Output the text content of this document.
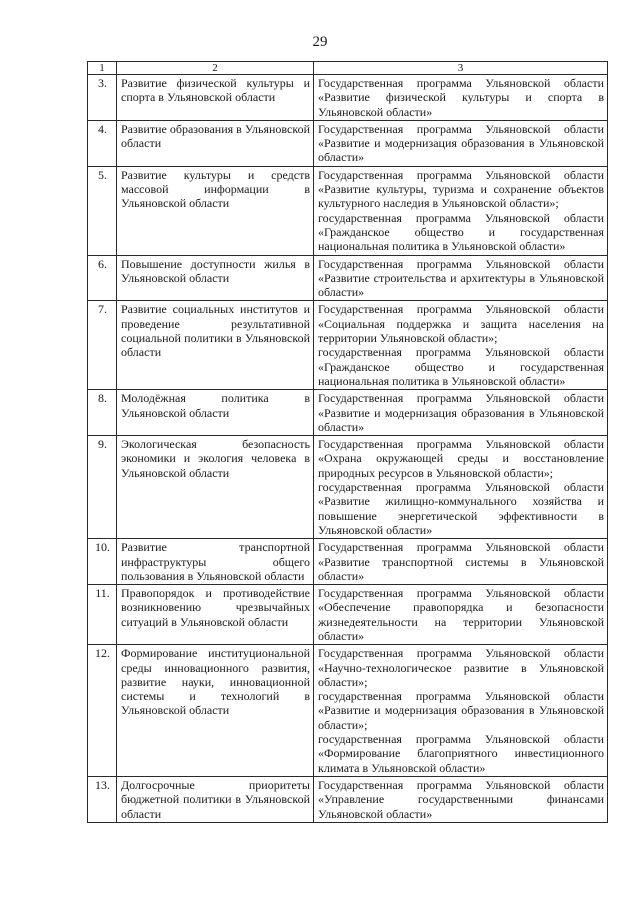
29
1	2	3
3.	Развитие физической культуры и спорта в Ульяновской области	Государственная программа Ульяновской области «Развитие физической культуры и спорта в Ульяновской области»

4.	Развитие образования в Ульяновской области	Государственная программа Ульяновской области «Развитие и модернизация образования в Ульяновской области»

5.	Развитие культуры и средств массовой информации в Ульяновской области	Государственная программа Ульяновской области «Развитие культуры, туризма и сохранение объектов культурного наследия в Ульяновской области»;
государственная программа Ульяновской области «Гражданское общество и государственная национальная политика в Ульяновской области»

6.	Повышение доступности жилья в Ульяновской области	Государственная программа Ульяновской области «Развитие строительства и архитектуры в Ульяновской области»

7.	Развитие социальных институтов и проведение результативной социальной политики в Ульяновской области	Государственная программа Ульяновской области «Социальная поддержка и защита населения на территории Ульяновской области»;
государственная программа Ульяновской области «Гражданское общество и государственная национальная политика в Ульяновской области»

8.	Молодёжная политика в Ульяновской области	Государственная программа Ульяновской области «Развитие и модернизация образования в Ульяновской области»

9.	Экологическая безопасность экономики и экология человека в Ульяновской области	Государственная программа Ульяновской области «Охрана окружающей среды и восстановление природных ресурсов в Ульяновской области»;
государственная программа Ульяновской области «Развитие жилищно-коммунального хозяйства и повышение энергетической эффективности в Ульяновской области»

10.	Развитие транспортной инфраструктуры общего пользования в Ульяновской области	Государственная программа Ульяновской области «Развитие транспортной системы в Ульяновской области»

11.	Правопорядок и противодействие возникновению чрезвычайных ситуаций в Ульяновской области	Государственная программа Ульяновской области «Обеспечение правопорядка и безопасности жизнедеятельности на территории Ульяновской области»

12.	Формирование институциональной среды инновационного развития, развитие науки, инновационной системы и технологий в Ульяновской области	Государственная программа Ульяновской области «Научно-технологическое развитие в Ульяновской области»;
государственная программа Ульяновской области «Развитие и модернизация образования в Ульяновской области»;
государственная программа Ульяновской области «Формирование благоприятного инвестиционного климата в Ульяновской области»

13.	Долгосрочные приоритеты бюджетной политики в Ульяновской области	Государственная программа Ульяновской области «Управление государственными финансами Ульяновской области»
